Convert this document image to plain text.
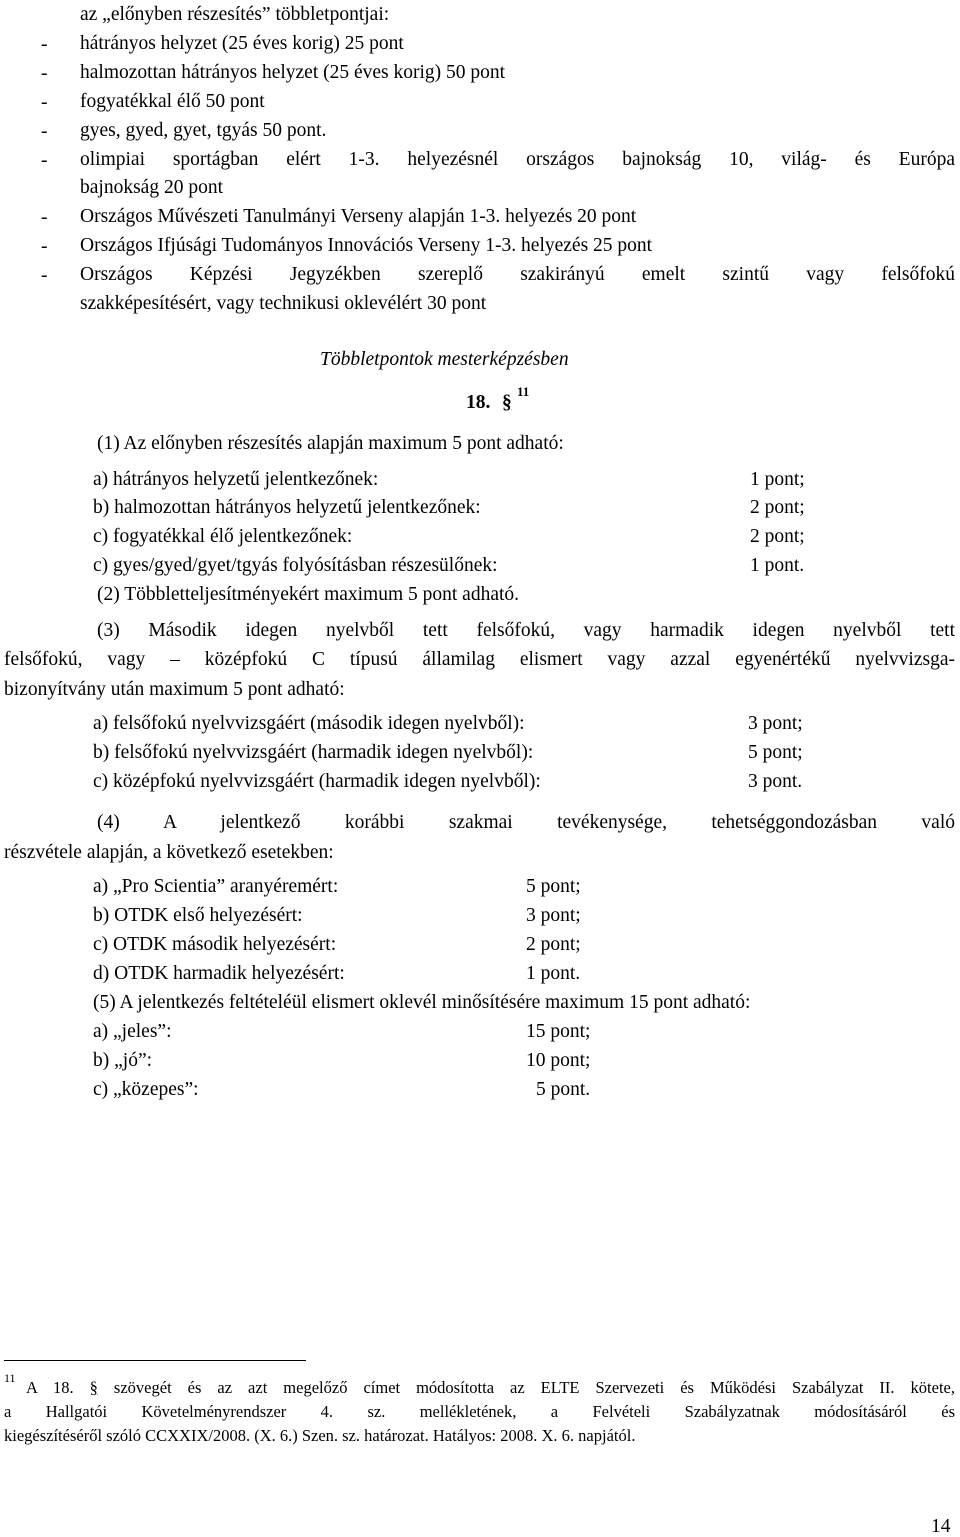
az „előnyben részesítés” többletpontjai:
- hátrányos helyzet (25 éves korig) 25 pont
- halmozottan hátrányos helyzet (25 éves korig) 50 pont
- fogyatékkal élő 50 pont
- gyes, gyed, gyet, tgyás 50 pont.
- olimpiai sportágban elért 1-3. helyezésnél országos bajnokság 10, világ- és Európa
bajnokság 20 pont
- Országos Művészeti Tanulmányi Verseny alapján 1-3. helyezés 20 pont
- Országos Ifjúsági Tudományos Innovációs Verseny 1-3. helyezés 25 pont
- Országos Képzési Jegyzékben szereplő szakirányú emelt szintű vagy felsőfokú
szakképesítésért, vagy technikusi oklevélért 30 pont
Többletpontok mesterképzésben
18. §
11
(1) Az előnyben részesítés alapján maximum 5 pont adható:
a) hátrányos helyzetű jelentkezőnek:	1 pont;
b) halmozottan hátrányos helyzetű jelentkezőnek:	2 pont;
c) fogyatékkal élő jelentkezőnek:	2 pont;
c) gyes/gyed/gyet/tgyás folyósításban részesülőnek:	1 pont.
(2) Többletteljesítményekért maximum 5 pont adható.
(3) Második idegen nyelvből tett felsőfokú, vagy harmadik idegen nyelvből tett
felsőfokú, vagy – középfokú C típusú államilag elismert vagy azzal egyenértékű nyelvvizsga-
bizonyítvány után maximum 5 pont adható:
a) felsőfokú nyelvvizsgáért (második idegen nyelvből):	3 pont;
b) felsőfokú nyelvvizsgáért (harmadik idegen nyelvből):	5 pont;
c) középfokú nyelvvizsgáért (harmadik idegen nyelvből):	3 pont.
(4) A jelentkező korábbi szakmai tevékenysége, tehetséggondozásban való
részvétele alapján, a következő esetekben:
a) „Pro Scientia” aranyéremért:	5 pont;
b) OTDK első helyezésért:	3 pont;
c) OTDK második helyezésért:	2 pont;
d) OTDK harmadik helyezésért:	1 pont.
(5) A jelentkezés feltételéül elismert oklevél minősítésére maximum 15 pont adható:
a) „jeles”:	15 pont;
b) „jó”:	10 pont;
c) „közepes”:	5 pont.
11 A 18. § szövegét és az azt megelőző címet módosította az ELTE Szervezeti és Működési Szabályzat II. kötete,
a Hallgatói Követelményrendszer 4. sz. mellékletének, a Felvételi Szabályzatnak módosításáról és
kiegészítéséről szóló CCXXIX/2008. (X. 6.) Szen. sz. határozat. Hatályos: 2008. X. 6. napjától.
14
